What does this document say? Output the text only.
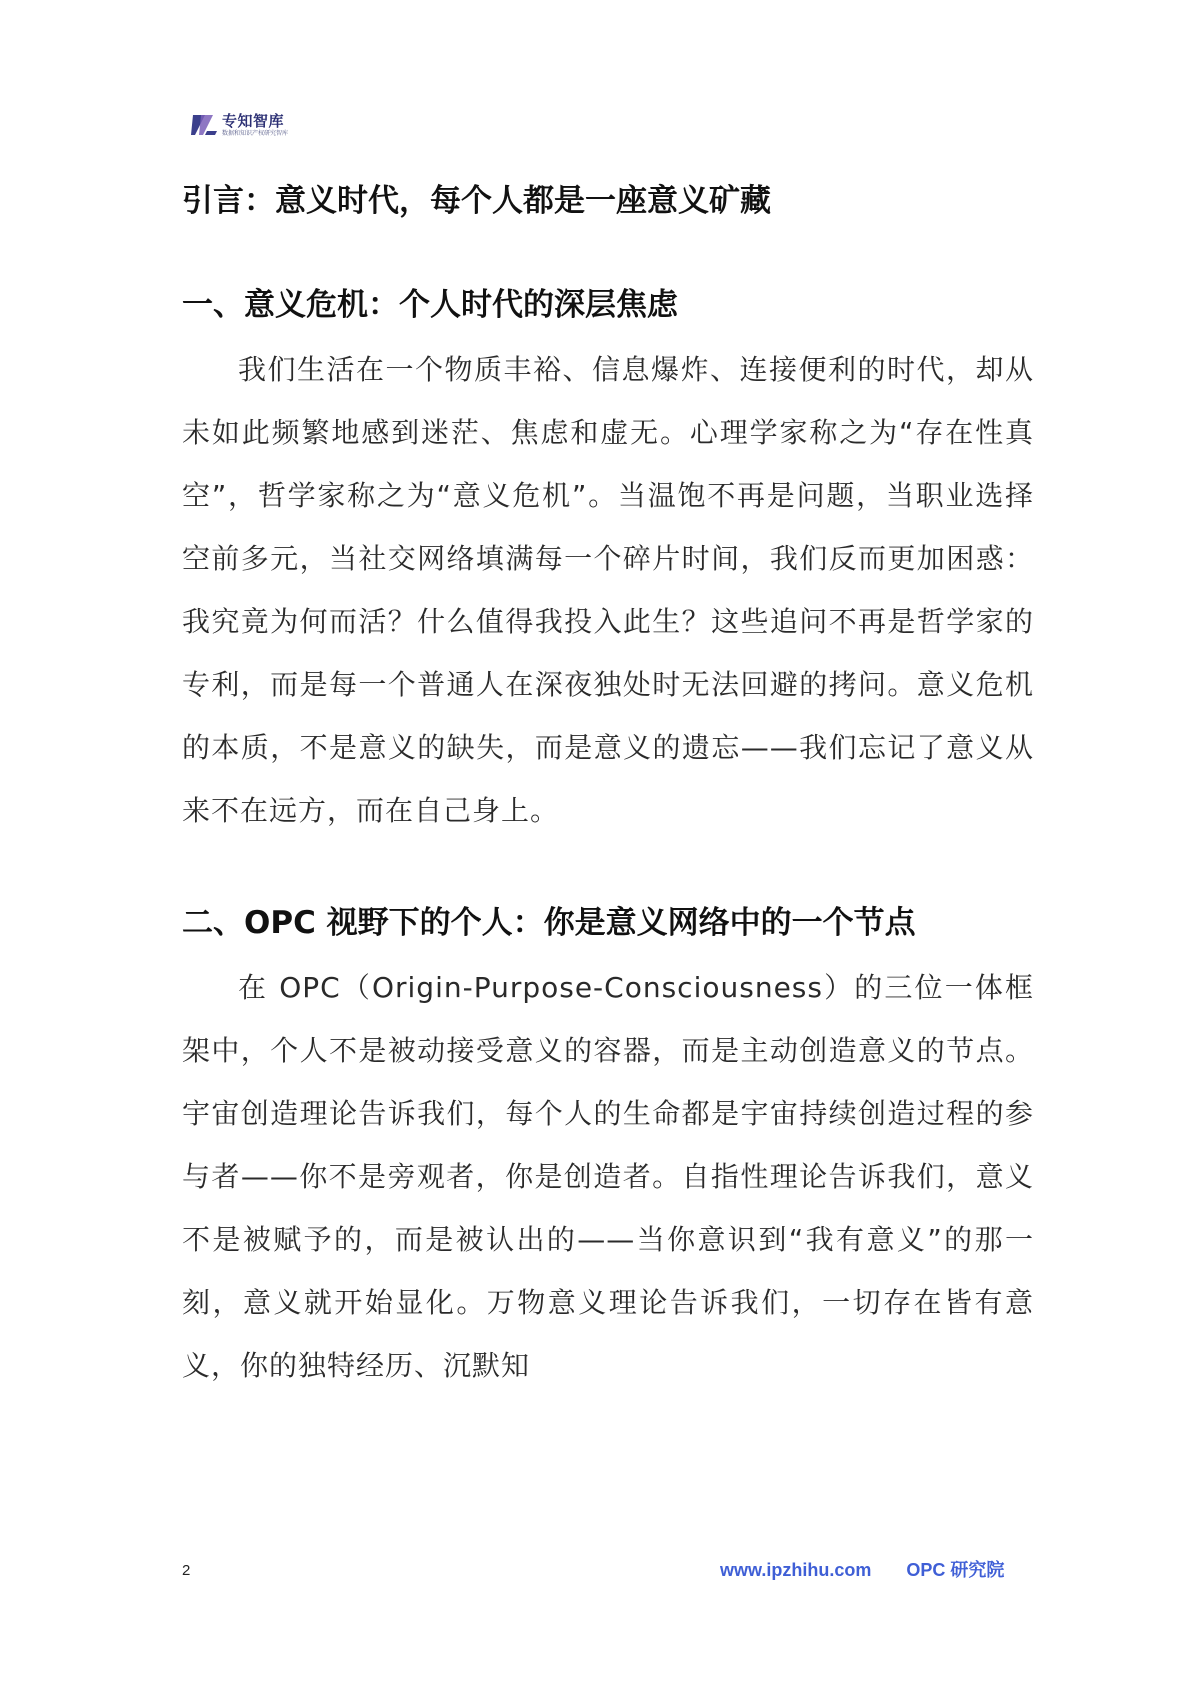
专知智库
数据和知识产权研究智库
引言：意义时代，每个人都是一座意义矿藏
一、意义危机：个人时代的深层焦虑

我们生活在一个物质丰裕、信息爆炸、连接便利的时代，却从未如此频繁地感到迷茫、焦虑和虚无。心理学家称之为“存在性真空”，哲学家称之为“意义危机”。当温饱不再是问题，当职业选择空前多元，当社交网络填满每一个碎片时间，我们反而更加困惑：我究竟为何而活？什么值得我投入此生？这些追问不再是哲学家的专利，而是每一个普通人在深夜独处时无法回避的拷问。意义危机的本质，不是意义的缺失，而是意义的遗忘——我们忘记了意义从来不在远方，而在自己身上。

二、OPC 视野下的个人：你是意义网络中的一个节点

在 OPC（Origin-Purpose-Consciousness）的三位一体框架中，个人不是被动接受意义的容器，而是主动创造意义的节点。宇宙创造理论告诉我们，每个人的生命都是宇宙持续创造过程的参与者——你不是旁观者，你是创造者。自指性理论告诉我们，意义不是被赋予的，而是被认出的——当你意识到“我有意义”的那一刻，意义就开始显化。万物意义理论告诉我们，一切存在皆有意义，你的独特经历、沉默知

2	www.ipzhihu.com OPC 研究院
